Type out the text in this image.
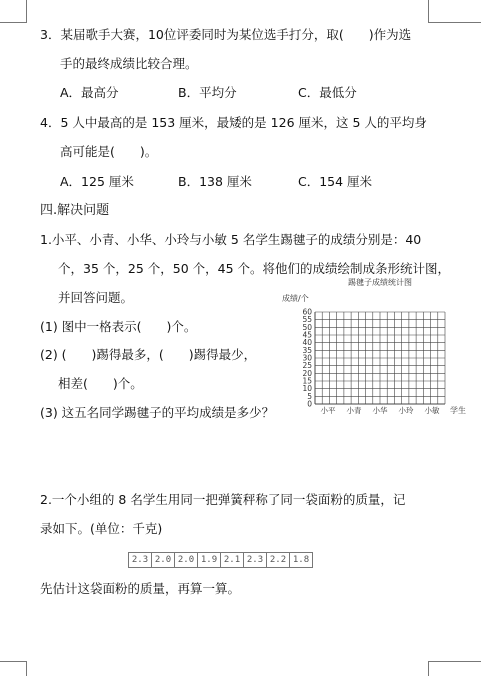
3．某届歌手大赛，10位评委同时为某位选手打分，取(　　)作为选
手的最终成绩比较合理。
A．最高分	B．平均分	C．最低分
4．5 人中最高的是 153 厘米，最矮的是 126 厘米，这 5 人的平均身
高可能是(　　)。
A．125 厘米	B．138 厘米	C．154 厘米
四.解决问题
1.小平、小青、小华、小玲与小敏 5 名学生踢毽子的成绩分别是：40
个，35 个，25 个，50 个，45 个。将他们的成绩绘制成条形统计图，
并回答问题。
(1) 图中一格表示(　　)个。
(2) (　　)踢得最多，(　　)踢得最少，
相差(　　)个。
(3) 这五名同学踢毽子的平均成绩是多少？
踢毽子成绩统计图
成绩/个
学生
0
5
10
15
20
25
30
35
40
45
50
55
60
小平 小青 小华 小玲 小敏
2.一个小组的 8 名学生用同一把弹簧秤称了同一袋面粉的质量，记
录如下。(单位：千克)
2.3	2.0	2.0	1.9	2.1	2.3	2.2	1.8
先估计这袋面粉的质量，再算一算。
